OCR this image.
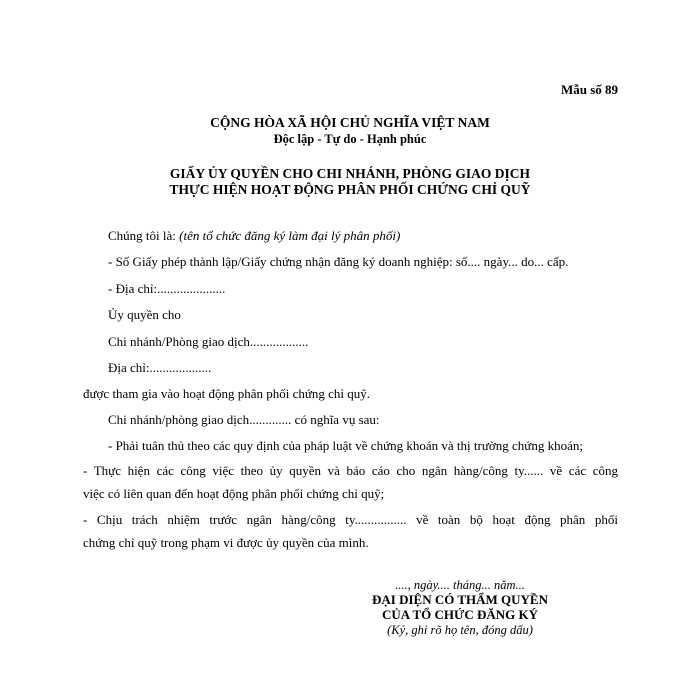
Mẫu số 89
CỘNG HÒA XÃ HỘI CHỦ NGHĨA VIỆT NAM
Độc lập - Tự do - Hạnh phúc
GIẤY ỦY QUYỀN CHO CHI NHÁNH, PHÒNG GIAO DỊCH
THỰC HIỆN HOẠT ĐỘNG PHÂN PHỐI CHỨNG CHỈ QUỸ
Chúng tôi là: (tên tổ chức đăng ký làm đại lý phân phối)
- Số Giấy phép thành lập/Giấy chứng nhận đăng ký doanh nghiệp: số.... ngày... do... cấp.
- Địa chỉ:.....................
Ủy quyền cho
Chi nhánh/Phòng giao dịch..................
Địa chỉ:...................
được tham gia vào hoạt động phân phối chứng chỉ quỹ.
Chi nhánh/phòng giao dịch............. có nghĩa vụ sau:
- Phải tuân thủ theo các quy định của pháp luật về chứng khoán và thị trường chứng khoán;
- Thực hiện các công việc theo ủy quyền và báo cáo cho ngân hàng/công ty...... về các công
việc có liên quan đến hoạt động phân phối chứng chỉ quỹ;
- Chịu trách nhiệm trước ngân hàng/công ty................ về toàn bộ hoạt động phân phối
chứng chỉ quỹ trong phạm vi được ủy quyền của mình.
...., ngày.... tháng... năm...
ĐẠI DIỆN CÓ THẨM QUYỀN
CỦA TỔ CHỨC ĐĂNG KÝ
(Ký, ghi rõ họ tên, đóng dấu)
